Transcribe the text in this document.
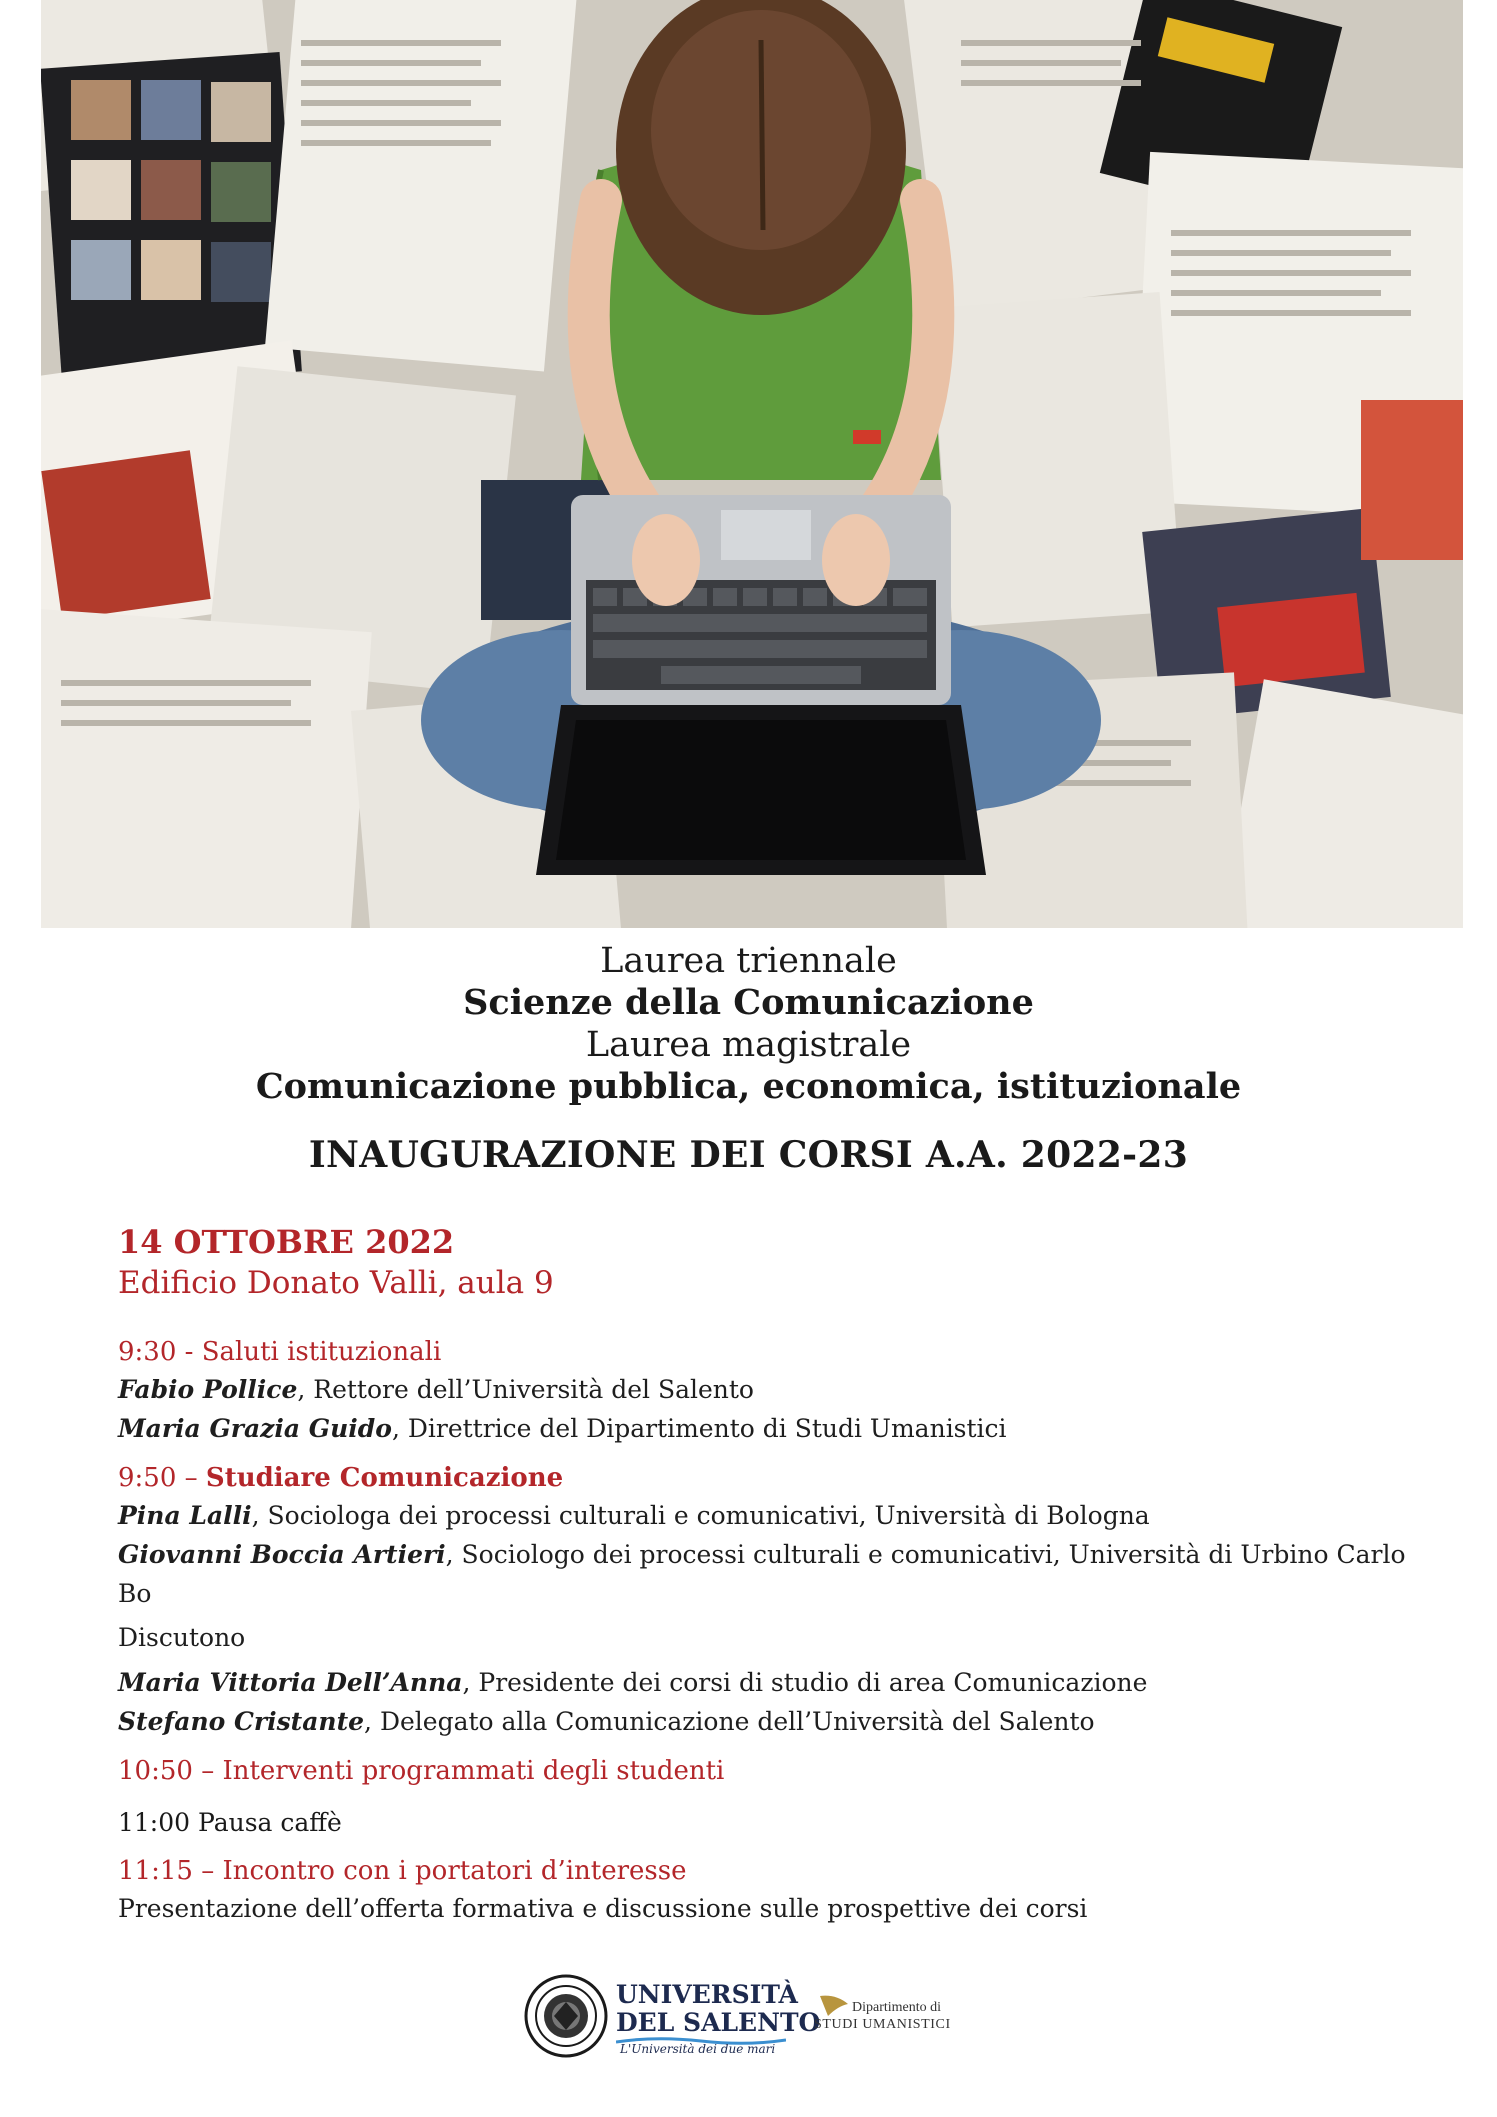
Laurea triennale
Scienze della Comunicazione
Laurea magistrale
Comunicazione pubblica, economica, istituzionale
INAUGURAZIONE DEI CORSI A.A. 2022-23
14 OTTOBRE 2022
Edificio Donato Valli, aula 9
9:30 - Saluti istituzionali
Fabio Pollice, Rettore dell’Università del Salento
Maria Grazia Guido, Direttrice del Dipartimento di Studi Umanistici
9:50 – Studiare Comunicazione
Pina Lalli, Sociologa dei processi culturali e comunicativi, Università di Bologna
Giovanni Boccia Artieri, Sociologo dei processi culturali e comunicativi, Università di Urbino Carlo Bo
Discutono
Maria Vittoria Dell’Anna, Presidente dei corsi di studio di area Comunicazione
Stefano Cristante, Delegato alla Comunicazione dell’Università del Salento
10:50 – Interventi programmati degli studenti
11:00 Pausa caffè
11:15 – Incontro con i portatori d’interesse
Presentazione dell’offerta formativa e discussione sulle prospettive dei corsi
UNIVERSITÀ
DEL SALENTO
L'Università dei due mari
Dipartimento di
STUDI UMANISTICI
